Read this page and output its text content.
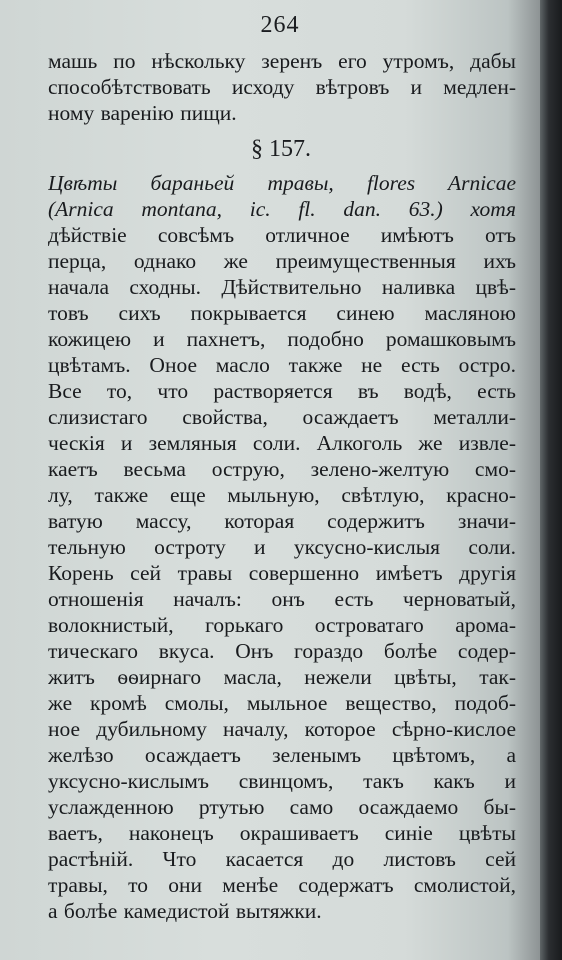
264
машь по нѣскольку зеренъ его утромъ, дабы
способѣтствовать исходу вѣтровъ и медлен-
ному варенію пищи.
§ 157.
Цвѣты бараньей травы, flores Arnicae
(Arnica montana, ic. fl. dan. 63.) хотя
дѣйствіе совсѣмъ отличное имѣютъ отъ
перца, однако же преимущественныя ихъ
начала сходны. Дѣйствительно наливка цвѣ-
товъ сихъ покрывается синею масляною
кожицею и пахнетъ, подобно ромашковымъ
цвѣтамъ. Оное масло также не есть остро.
Все то, что растворяется въ водѣ, есть
слизистаго свойства, осаждаетъ металли-
ческія и земляныя соли. Алкоголь же извле-
каетъ весьма острую, зелено-желтую смо-
лу, также еще мыльную, свѣтлую, красно-
ватую массу, которая содержитъ значи-
тельную остроту и уксусно-кислыя соли.
Корень сей травы совершенно имѣетъ другія
отношенія началъ: онъ есть черноватый,
волокнистый, горькаго островатаго арома-
тическаго вкуса. Онъ гораздо болѣе содер-
житъ ѳѳирнаго масла, нежели цвѣты, так-
же кромѣ смолы, мыльное вещество, подоб-
ное дубильному началу, которое сѣрно-кислое
желѣзо осаждаетъ зеленымъ цвѣтомъ, а
уксусно-кислымъ свинцомъ, такъ какъ и
услажденною ртутью само осаждаемо бы-
ваетъ, наконецъ окрашиваетъ синіе цвѣты
растѣній. Что касается до листовъ сей
травы, то они менѣе содержатъ смолистой,
а болѣе камедистой вытяжки.
